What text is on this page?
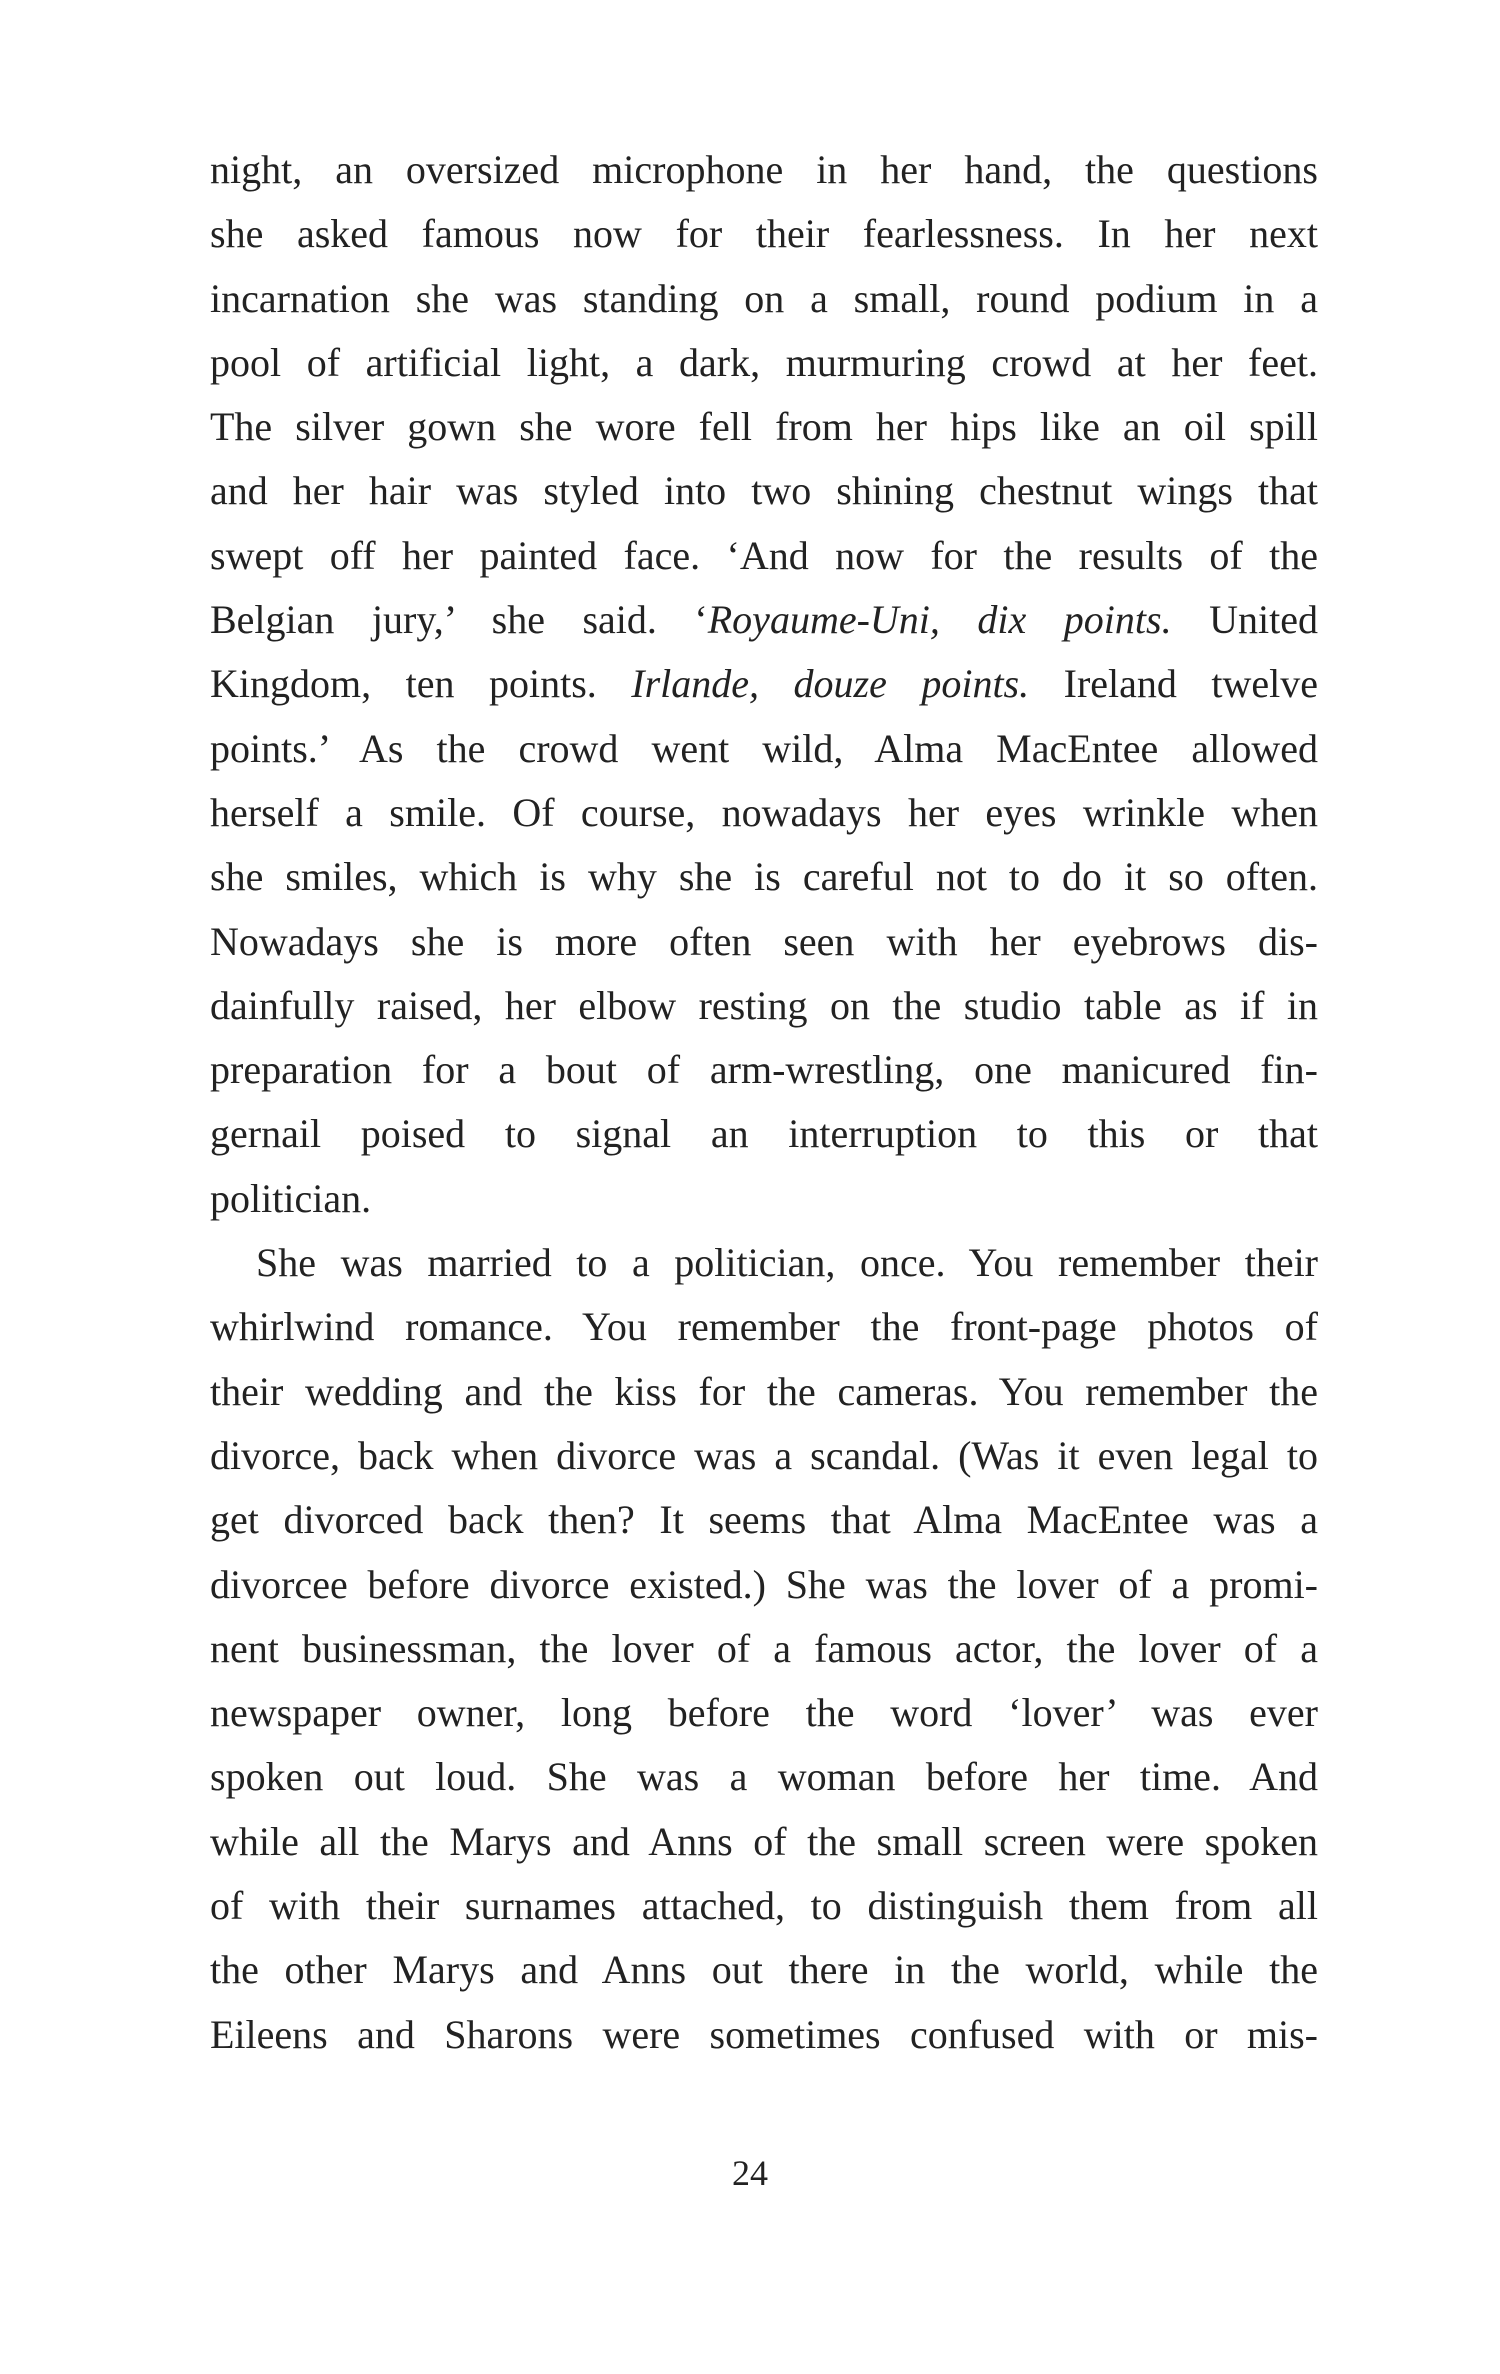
night, an oversized microphone in her hand, the questions
she asked famous now for their fearlessness. In her next
incarnation she was standing on a small, round podium in a
pool of artificial light, a dark, murmuring crowd at her feet.
The silver gown she wore fell from her hips like an oil spill
and her hair was styled into two shining chestnut wings that
swept off her painted face. ‘And now for the results of the
Belgian jury,’ she said. ‘Royaume-Uni, dix points. United
Kingdom, ten points. Irlande, douze points. Ireland twelve
points.’ As the crowd went wild, Alma MacEntee allowed
herself a smile. Of course, nowadays her eyes wrinkle when
she smiles, which is why she is careful not to do it so often.
Nowadays she is more often seen with her eyebrows dis-
dainfully raised, her elbow resting on the studio table as if in
preparation for a bout of arm-wrestling, one manicured fin-
gernail poised to signal an interruption to this or that
politician.
She was married to a politician, once. You remember their
whirlwind romance. You remember the front-page photos of
their wedding and the kiss for the cameras. You remember the
divorce, back when divorce was a scandal. (Was it even legal to
get divorced back then? It seems that Alma MacEntee was a
divorcee before divorce existed.) She was the lover of a promi-
nent businessman, the lover of a famous actor, the lover of a
newspaper owner, long before the word ‘lover’ was ever
spoken out loud. She was a woman before her time. And
while all the Marys and Anns of the small screen were spoken
of with their surnames attached, to distinguish them from all
the other Marys and Anns out there in the world, while the
Eileens and Sharons were sometimes confused with or mis-
24
